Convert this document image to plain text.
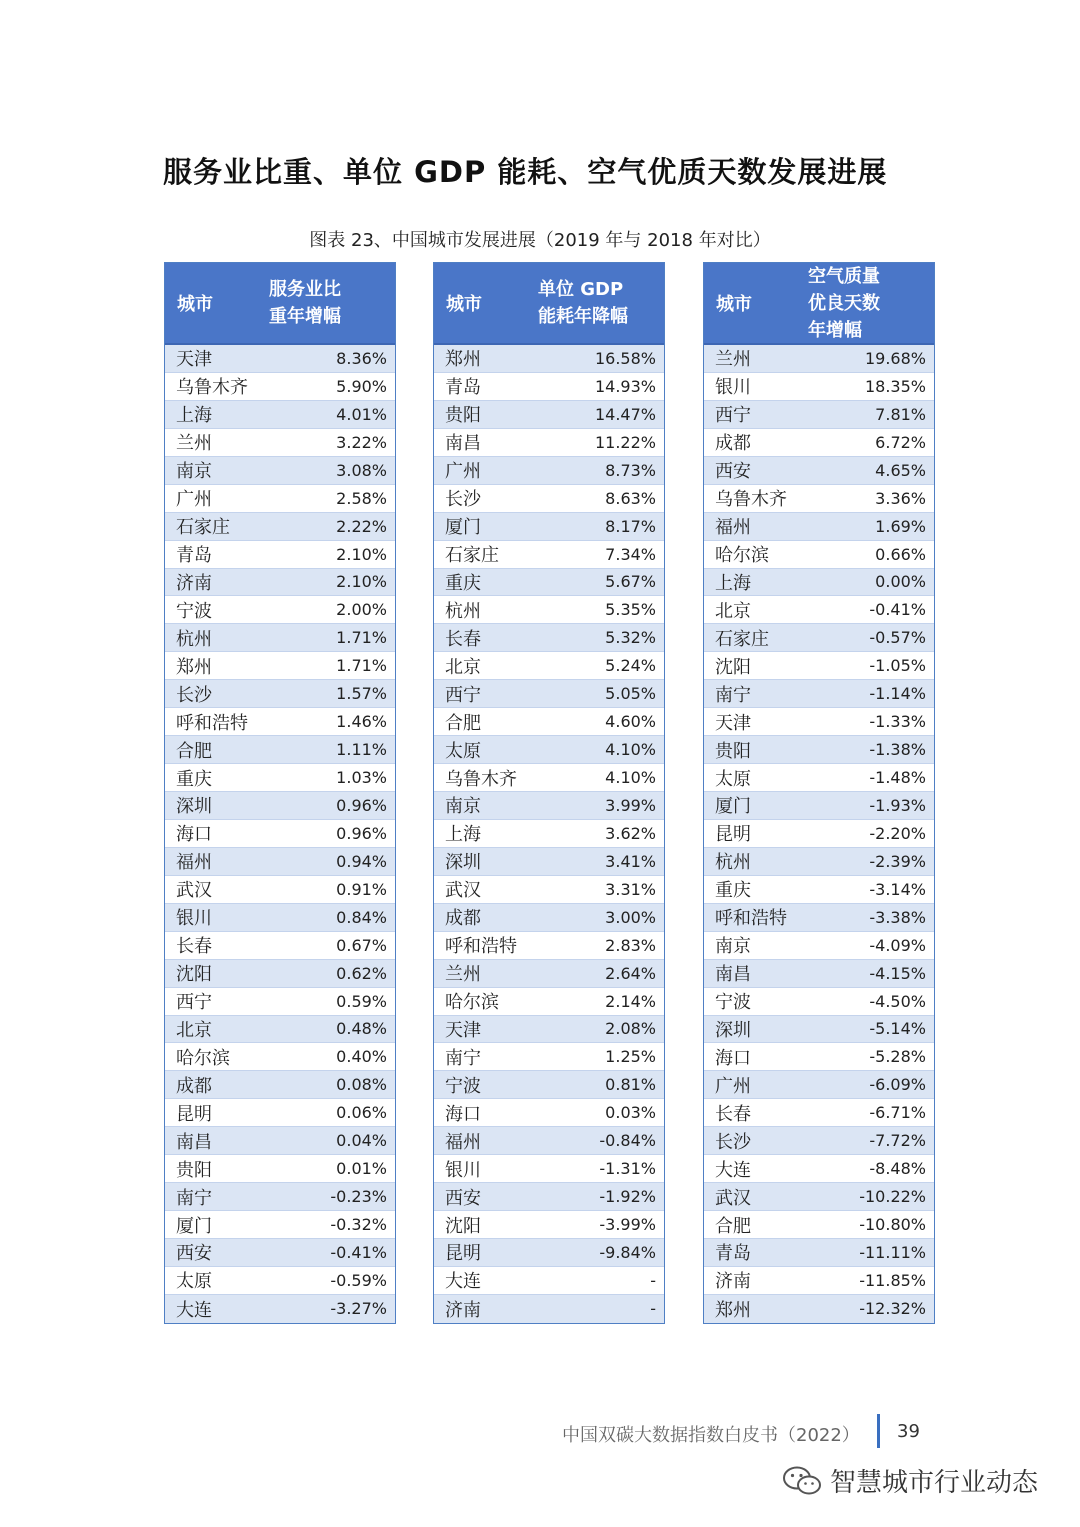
服务业比重、单位 GDP 能耗、空气优质天数发展进展
图表 23、中国城市发展进展（2019 年与 2018 年对比）
城市
服务业比
重年增幅
天津	8.36%
乌鲁木齐	5.90%
上海	4.01%
兰州	3.22%
南京	3.08%
广州	2.58%
石家庄	2.22%
青岛	2.10%
济南	2.10%
宁波	2.00%
杭州	1.71%
郑州	1.71%
长沙	1.57%
呼和浩特	1.46%
合肥	1.11%
重庆	1.03%
深圳	0.96%
海口	0.96%
福州	0.94%
武汉	0.91%
银川	0.84%
长春	0.67%
沈阳	0.62%
西宁	0.59%
北京	0.48%
哈尔滨	0.40%
成都	0.08%
昆明	0.06%
南昌	0.04%
贵阳	0.01%
南宁	-0.23%
厦门	-0.32%
西安	-0.41%
太原	-0.59%
大连	-3.27%
城市
单位 GDP
能耗年降幅
郑州	16.58%
青岛	14.93%
贵阳	14.47%
南昌	11.22%
广州	8.73%
长沙	8.63%
厦门	8.17%
石家庄	7.34%
重庆	5.67%
杭州	5.35%
长春	5.32%
北京	5.24%
西宁	5.05%
合肥	4.60%
太原	4.10%
乌鲁木齐	4.10%
南京	3.99%
上海	3.62%
深圳	3.41%
武汉	3.31%
成都	3.00%
呼和浩特	2.83%
兰州	2.64%
哈尔滨	2.14%
天津	2.08%
南宁	1.25%
宁波	0.81%
海口	0.03%
福州	-0.84%
银川	-1.31%
西安	-1.92%
沈阳	-3.99%
昆明	-9.84%
大连	-
济南	-
城市
空气质量
优良天数
年增幅
兰州	19.68%
银川	18.35%
西宁	7.81%
成都	6.72%
西安	4.65%
乌鲁木齐	3.36%
福州	1.69%
哈尔滨	0.66%
上海	0.00%
北京	-0.41%
石家庄	-0.57%
沈阳	-1.05%
南宁	-1.14%
天津	-1.33%
贵阳	-1.38%
太原	-1.48%
厦门	-1.93%
昆明	-2.20%
杭州	-2.39%
重庆	-3.14%
呼和浩特	-3.38%
南京	-4.09%
南昌	-4.15%
宁波	-4.50%
深圳	-5.14%
海口	-5.28%
广州	-6.09%
长春	-6.71%
长沙	-7.72%
大连	-8.48%
武汉	-10.22%
合肥	-10.80%
青岛	-11.11%
济南	-11.85%
郑州	-12.32%
中国双碳大数据指数白皮书（2022） 39
智慧城市行业动态
